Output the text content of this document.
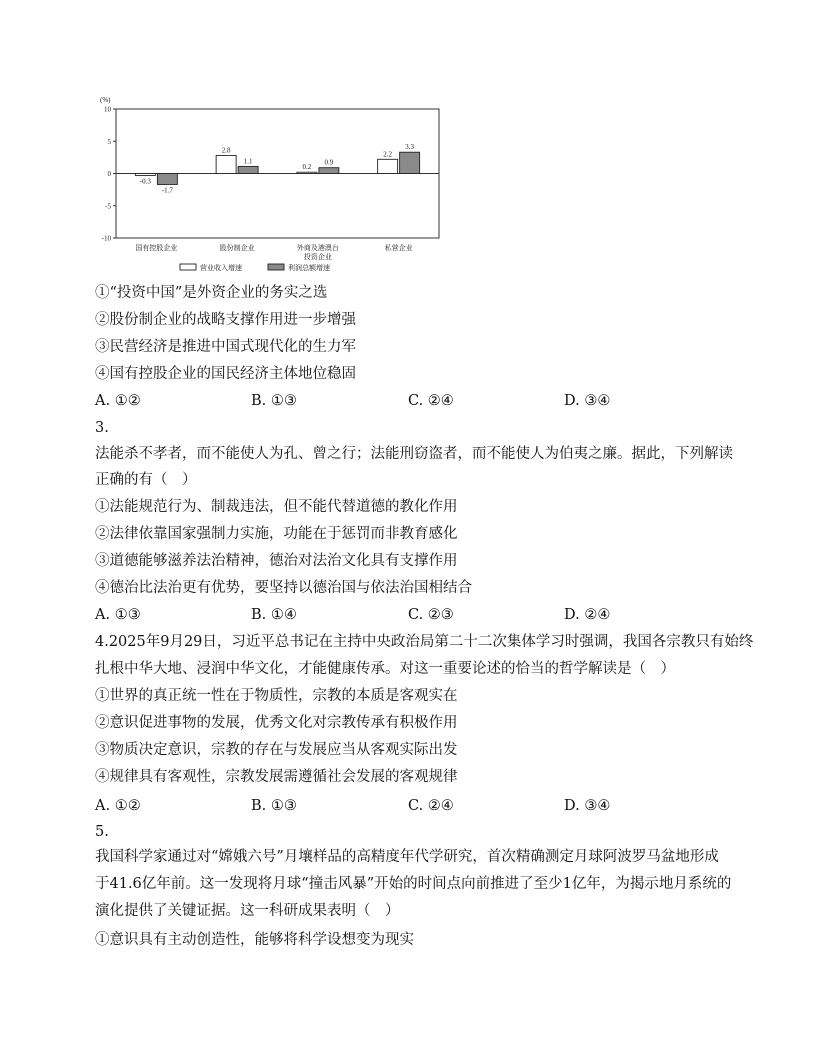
(%)
10
5
0
-5
-10
-0.3
-1.7
国有控股企业
2.8
1.1
股份制企业
0.2
0.9
外商及港澳台
投资企业
2.2
3.3
私营企业
营业收入增速	利润总额增速
①“投资中国”是外资企业的务实之选
②股份制企业的战略支撑作用进一步增强
③民营经济是推进中国式现代化的生力军
④国有控股企业的国民经济主体地位稳固
A. ①②	B. ①③	C. ②④	D. ③④
3.
法能杀不孝者，而不能使人为孔、曾之行；法能刑窃盗者，而不能使人为伯夷之廉。据此，下列解读
正确的有（　）
①法能规范行为、制裁违法，但不能代替道德的教化作用
②法律依靠国家强制力实施，功能在于惩罚而非教育感化
③道德能够滋养法治精神，德治对法治文化具有支撑作用
④德治比法治更有优势，要坚持以德治国与依法治国相结合
A. ①③	B. ①④	C. ②③	D. ②④
4.2025年9月29日，习近平总书记在主持中央政治局第二十二次集体学习时强调，我国各宗教只有始终
扎根中华大地、浸润中华文化，才能健康传承。对这一重要论述的恰当的哲学解读是（　）
①世界的真正统一性在于物质性，宗教的本质是客观实在
②意识促进事物的发展，优秀文化对宗教传承有积极作用
③物质决定意识，宗教的存在与发展应当从客观实际出发
④规律具有客观性，宗教发展需遵循社会发展的客观规律
A. ①②	B. ①③	C. ②④	D. ③④
5.
我国科学家通过对“嫦娥六号”月壤样品的高精度年代学研究，首次精确测定月球阿波罗马盆地形成
于41.6亿年前。这一发现将月球“撞击风暴”开始的时间点向前推进了至少1亿年，为揭示地月系统的
演化提供了关键证据。这一科研成果表明（　）
①意识具有主动创造性，能够将科学设想变为现实
